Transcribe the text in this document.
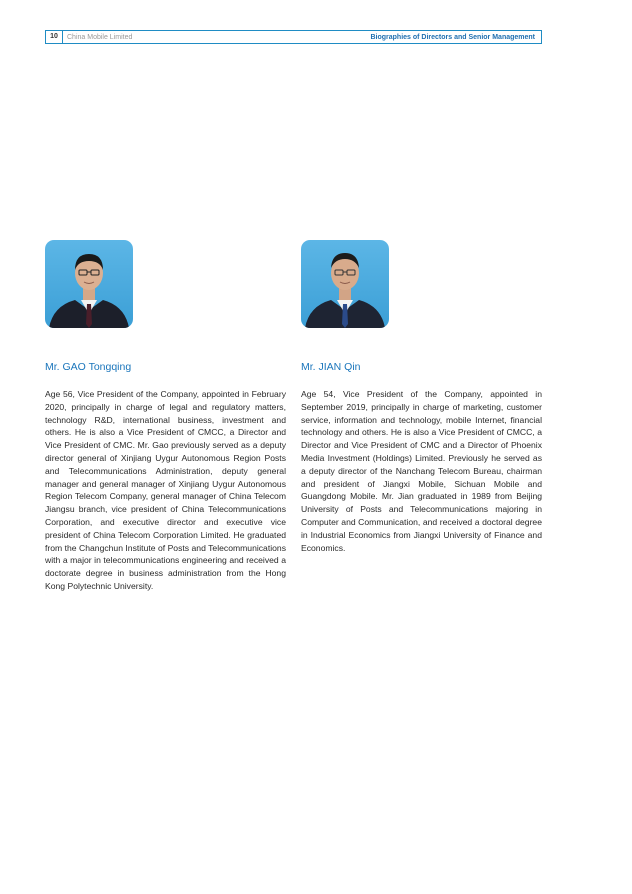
10	China Mobile Limited	Biographies of Directors and Senior Management
Mr. GAO Tongqing	Mr. JIAN Qin

Age 56, Vice President of the Company, appointed in February 2020, principally in charge of legal and regulatory matters, technology R&D, international business, investment and others. He is also a Vice President of CMCC, a Director and Vice President of CMC. Mr. Gao previously served as a deputy director general of Xinjiang Uygur Autonomous Region Posts and Telecommunications Administration, deputy general manager and general manager of Xinjiang Uygur Autonomous Region Telecom Company, general manager of China Telecom Jiangsu branch, vice president of China Telecommunications Corporation, and executive director and executive vice president of China Telecom Corporation Limited. He graduated from the Changchun Institute of Posts and Telecommunications with a major in telecommunications engineering and received a doctorate degree in business administration from the Hong Kong Polytechnic University.

Age 54, Vice President of the Company, appointed in September 2019, principally in charge of marketing, customer service, information and technology, mobile Internet, financial technology and others. He is also a Vice President of CMCC, a Director and Vice President of CMC and a Director of Phoenix Media Investment (Holdings) Limited. Previously he served as a deputy director of the Nanchang Telecom Bureau, chairman and president of Jiangxi Mobile, Sichuan Mobile and Guangdong Mobile. Mr. Jian graduated in 1989 from Beijing University of Posts and Telecommunications majoring in Computer and Communication, and received a doctoral degree in Industrial Economics from Jiangxi University of Finance and Economics.
